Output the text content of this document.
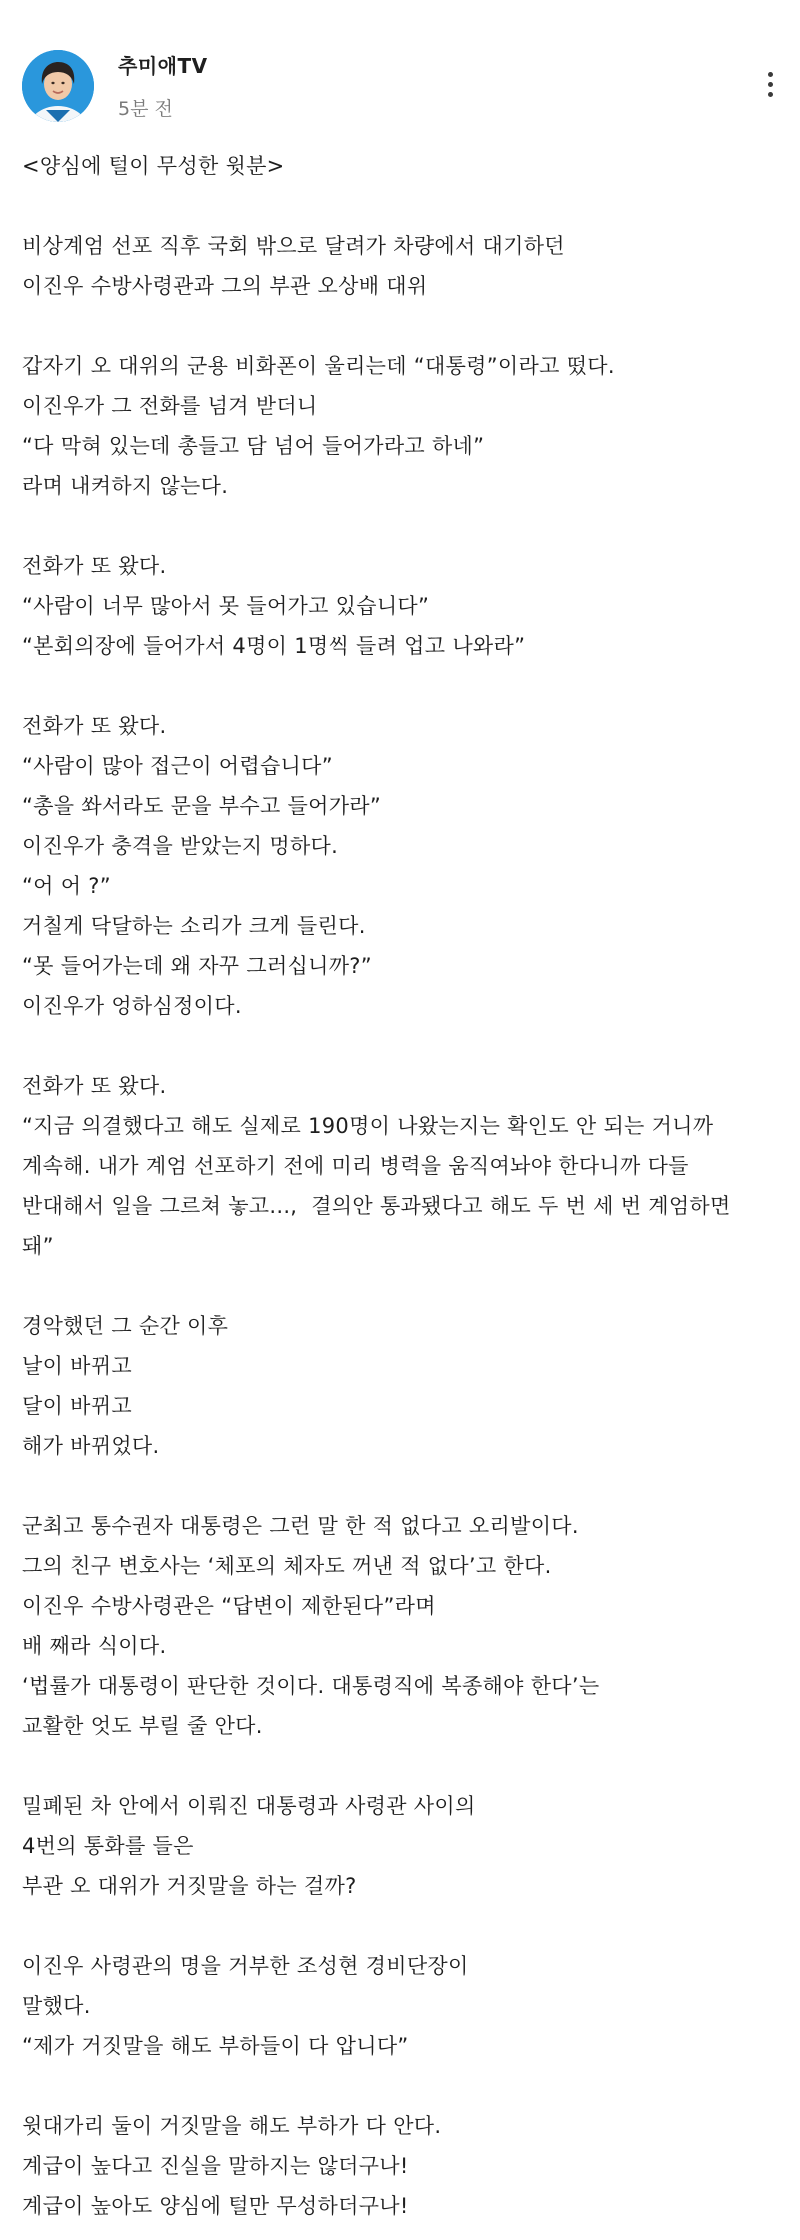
추미애TV
5분 전
<양심에 털이 무성한 윗분>
비상계엄 선포 직후 국회 밖으로 달려가 차량에서 대기하던
이진우 수방사령관과 그의 부관 오상배 대위
갑자기 오 대위의 군용 비화폰이 울리는데 “대통령”이라고 떴다.
이진우가 그 전화를 넘겨 받더니
“다 막혀 있는데 총들고 담 넘어 들어가라고 하네”
라며 내켜하지 않는다.
전화가 또 왔다.
“사람이 너무 많아서 못 들어가고 있습니다”
“본회의장에 들어가서 4명이 1명씩 들려 업고 나와라”
전화가 또 왔다.
“사람이 많아 접근이 어렵습니다”
“총을 쏴서라도 문을 부수고 들어가라”
이진우가 충격을 받았는지 멍하다.
“어 어 ?”
거칠게 닥달하는 소리가 크게 들린다.
“못 들어가는데 왜 자꾸 그러십니까?”
이진우가 엉하심정이다.
전화가 또 왔다.
“지금 의결했다고 해도 실제로 190명이 나왔는지는 확인도 안 되는 거니까
계속해. 내가 계엄 선포하기 전에 미리 병력을 움직여놔야 한다니까 다들
반대해서 일을 그르쳐 놓고...,  결의안 통과됐다고 해도 두 번 세 번 계엄하면
돼”
경악했던 그 순간 이후
날이 바뀌고
달이 바뀌고
해가 바뀌었다.
군최고 통수권자 대통령은 그런 말 한 적 없다고 오리발이다.
그의 친구 변호사는 ‘체포의 체자도 꺼낸 적 없다’고 한다.
이진우 수방사령관은 “답변이 제한된다”라며
배 째라 식이다.
‘법률가 대통령이 판단한 것이다. 대통령직에 복종해야 한다’는
교활한 엇도 부릴 줄 안다.
밀폐된 차 안에서 이뤄진 대통령과 사령관 사이의
4번의 통화를 들은
부관 오 대위가 거짓말을 하는 걸까?
이진우 사령관의 명을 거부한 조성현 경비단장이
말했다.
“제가 거짓말을 해도 부하들이 다 압니다”
윗대가리 둘이 거짓말을 해도 부하가 다 안다.
계급이 높다고 진실을 말하지는 않더구나!
계급이 높아도 양심에 털만 무성하더구나!
